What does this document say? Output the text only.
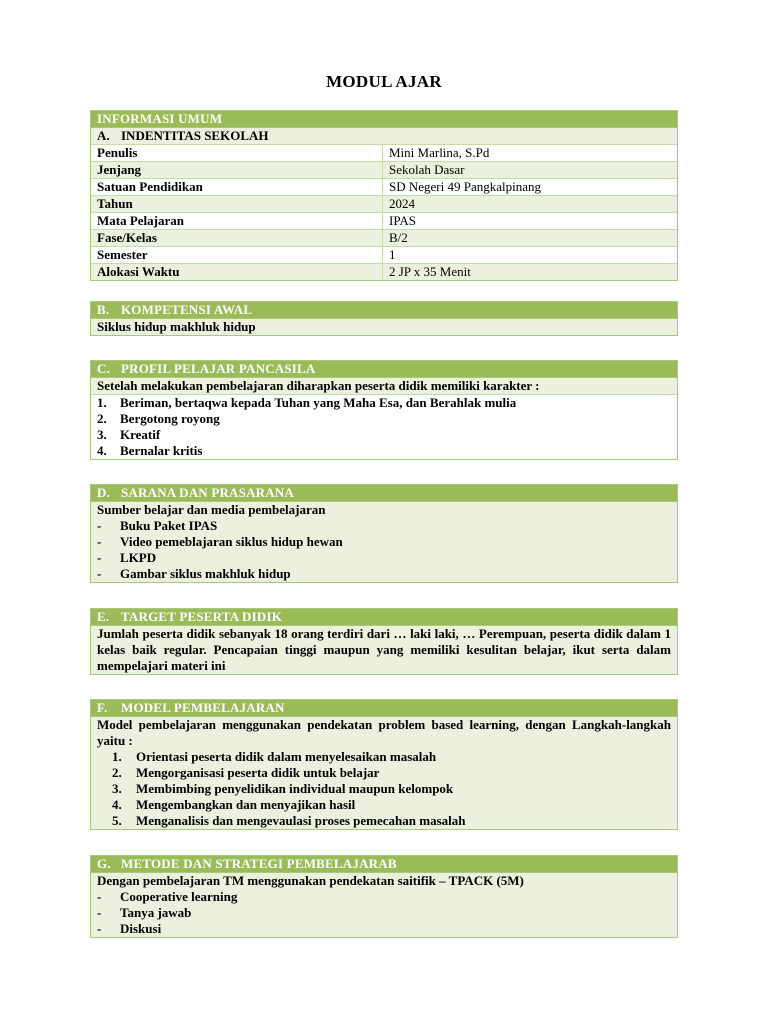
MODUL AJAR
INFORMASI UMUM
A. INDENTITAS SEKOLAH
Penulis	Mini Marlina, S.Pd
Jenjang	Sekolah Dasar
Satuan Pendidikan	SD Negeri 49 Pangkalpinang
Tahun	2024
Mata Pelajaran	IPAS
Fase/Kelas	B/2
Semester	1
Alokasi Waktu	2 JP x 35 Menit
B. KOMPETENSI AWAL
Siklus hidup makhluk hidup
C. PROFIL PELAJAR PANCASILA
Setelah melakukan pembelajaran diharapkan peserta didik memiliki karakter :
1. Beriman, bertaqwa kepada Tuhan yang Maha Esa, dan Berahlak mulia
2. Bergotong royong
3. Kreatif
4. Bernalar kritis
D. SARANA DAN PRASARANA
Sumber belajar dan media pembelajaran
- Buku Paket IPAS
- Video pemeblajaran siklus hidup hewan
- LKPD
- Gambar siklus makhluk hidup
E. TARGET PESERTA DIDIK
Jumlah peserta didik sebanyak 18 orang terdiri dari … laki laki, … Perempuan, peserta didik dalam 1 kelas baik regular. Pencapaian tinggi maupun yang memiliki kesulitan belajar, ikut serta dalam mempelajari materi ini
F. MODEL PEMBELAJARAN
Model pembelajaran menggunakan pendekatan problem based learning, dengan Langkah-langkah yaitu :
1. Orientasi peserta didik dalam menyelesaikan masalah
2. Mengorganisasi peserta didik untuk belajar
3. Membimbing penyelidikan individual maupun kelompok
4. Mengembangkan dan menyajikan hasil
5. Menganalisis dan mengevaulasi proses pemecahan masalah
G. METODE DAN STRATEGI PEMBELAJARAB
Dengan pembelajaran TM menggunakan pendekatan saitifik – TPACK (5M)
- Cooperative learning
- Tanya jawab
- Diskusi
